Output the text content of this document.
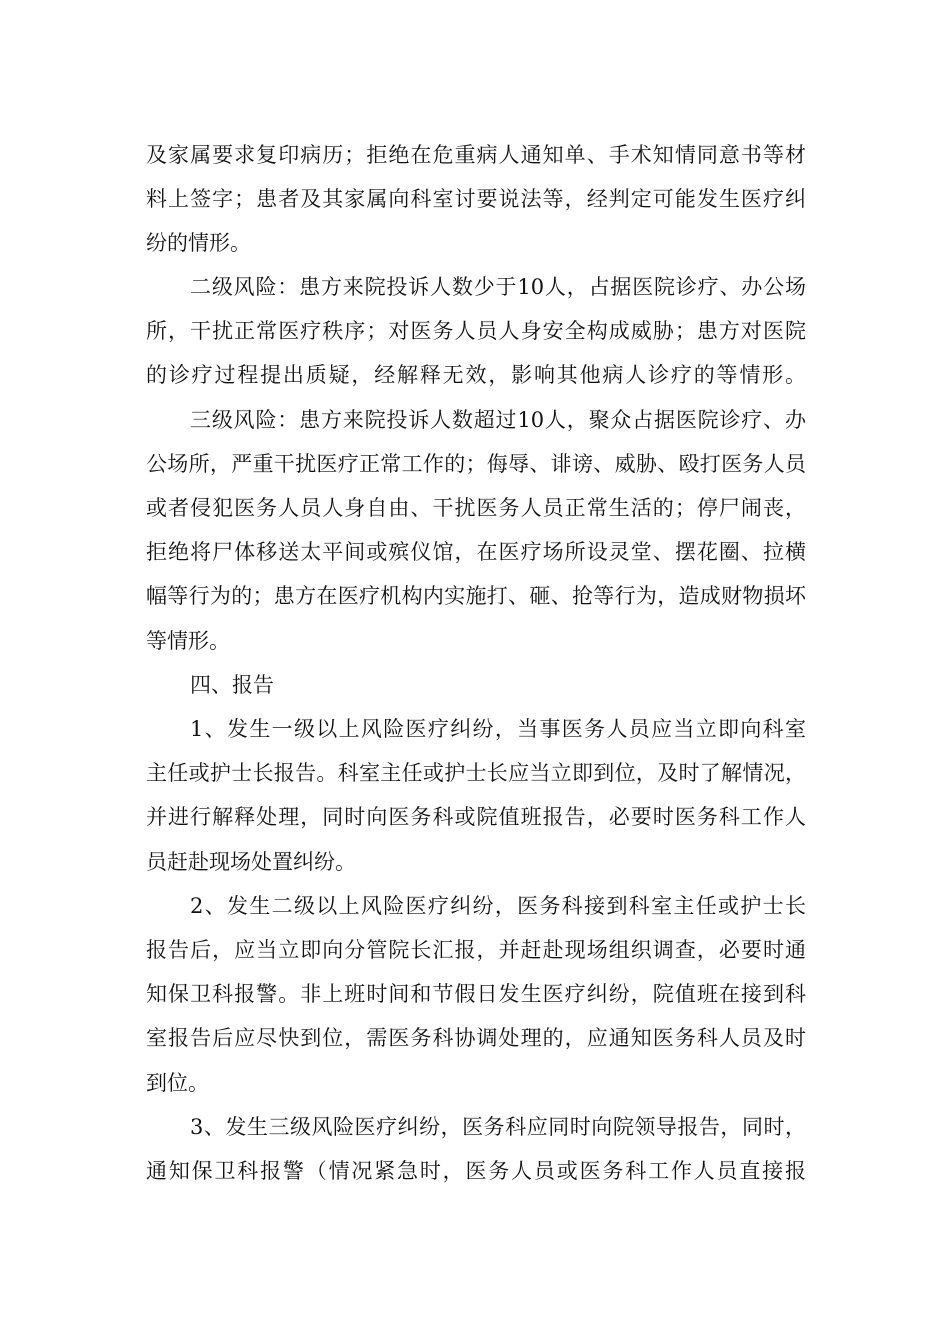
及家属要求复印病历；拒绝在危重病人通知单、手术知情同意书等材
料上签字；患者及其家属向科室讨要说法等，经判定可能发生医疗纠
纷的情形。
二级风险：患方来院投诉人数少于10人，占据医院诊疗、办公场
所，干扰正常医疗秩序；对医务人员人身安全构成威胁；患方对医院
的诊疗过程提出质疑，经解释无效，影响其他病人诊疗的等情形。
三级风险：患方来院投诉人数超过10人，聚众占据医院诊疗、办
公场所，严重干扰医疗正常工作的；侮辱、诽谤、威胁、殴打医务人员
或者侵犯医务人员人身自由、干扰医务人员正常生活的；停尸闹丧，
拒绝将尸体移送太平间或殡仪馆，在医疗场所设灵堂、摆花圈、拉横
幅等行为的；患方在医疗机构内实施打、砸、抢等行为，造成财物损坏
等情形。
四、报告
1、发生一级以上风险医疗纠纷，当事医务人员应当立即向科室
主任或护士长报告。科室主任或护士长应当立即到位，及时了解情况，
并进行解释处理，同时向医务科或院值班报告，必要时医务科工作人
员赶赴现场处置纠纷。
2、发生二级以上风险医疗纠纷，医务科接到科室主任或护士长
报告后，应当立即向分管院长汇报，并赶赴现场组织调查，必要时通
知保卫科报警。非上班时间和节假日发生医疗纠纷，院值班在接到科
室报告后应尽快到位，需医务科协调处理的，应通知医务科人员及时
到位。
3、发生三级风险医疗纠纷，医务科应同时向院领导报告，同时，
通知保卫科报警（情况紧急时，医务人员或医务科工作人员直接报
